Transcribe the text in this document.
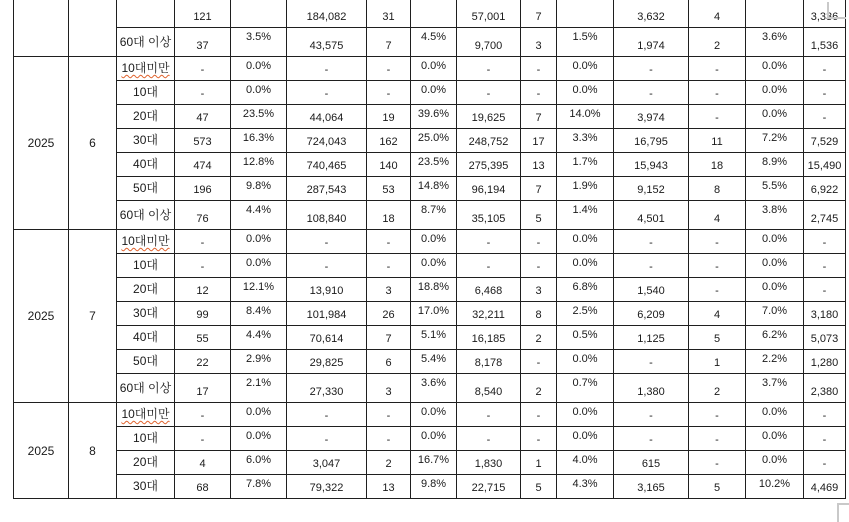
			121		184,082	31		57,001	7		3,632	4		3,336
		60대 이상	37	3.5%	43,575	7	4.5%	9,700	3	1.5%	1,974	2	3.6%	1,536
2025	6	10대미만	-	0.0%	-	-	0.0%	-	-	0.0%	-	-	0.0%	-
		10대	-	0.0%	-	-	0.0%	-	-	0.0%	-	-	0.0%	-
		20대	47	23.5%	44,064	19	39.6%	19,625	7	14.0%	3,974	-	0.0%	-
		30대	573	16.3%	724,043	162	25.0%	248,752	17	3.3%	16,795	11	7.2%	7,529
		40대	474	12.8%	740,465	140	23.5%	275,395	13	1.7%	15,943	18	8.9%	15,490
		50대	196	9.8%	287,543	53	14.8%	96,194	7	1.9%	9,152	8	5.5%	6,922
		60대 이상	76	4.4%	108,840	18	8.7%	35,105	5	1.4%	4,501	4	3.8%	2,745
2025	7	10대미만	-	0.0%	-	-	0.0%	-	-	0.0%	-	-	0.0%	-
		10대	-	0.0%	-	-	0.0%	-	-	0.0%	-	-	0.0%	-
		20대	12	12.1%	13,910	3	18.8%	6,468	3	6.8%	1,540	-	0.0%	-
		30대	99	8.4%	101,984	26	17.0%	32,211	8	2.5%	6,209	4	7.0%	3,180
		40대	55	4.4%	70,614	7	5.1%	16,185	2	0.5%	1,125	5	6.2%	5,073
		50대	22	2.9%	29,825	6	5.4%	8,178	-	0.0%	-	1	2.2%	1,280
		60대 이상	17	2.1%	27,330	3	3.6%	8,540	2	0.7%	1,380	2	3.7%	2,380
2025	8	10대미만	-	0.0%	-	-	0.0%	-	-	0.0%	-	-	0.0%	-
		10대	-	0.0%	-	-	0.0%	-	-	0.0%	-	-	0.0%	-
		20대	4	6.0%	3,047	2	16.7%	1,830	1	4.0%	615	-	0.0%	-
		30대	68	7.8%	79,322	13	9.8%	22,715	5	4.3%	3,165	5	10.2%	4,469
